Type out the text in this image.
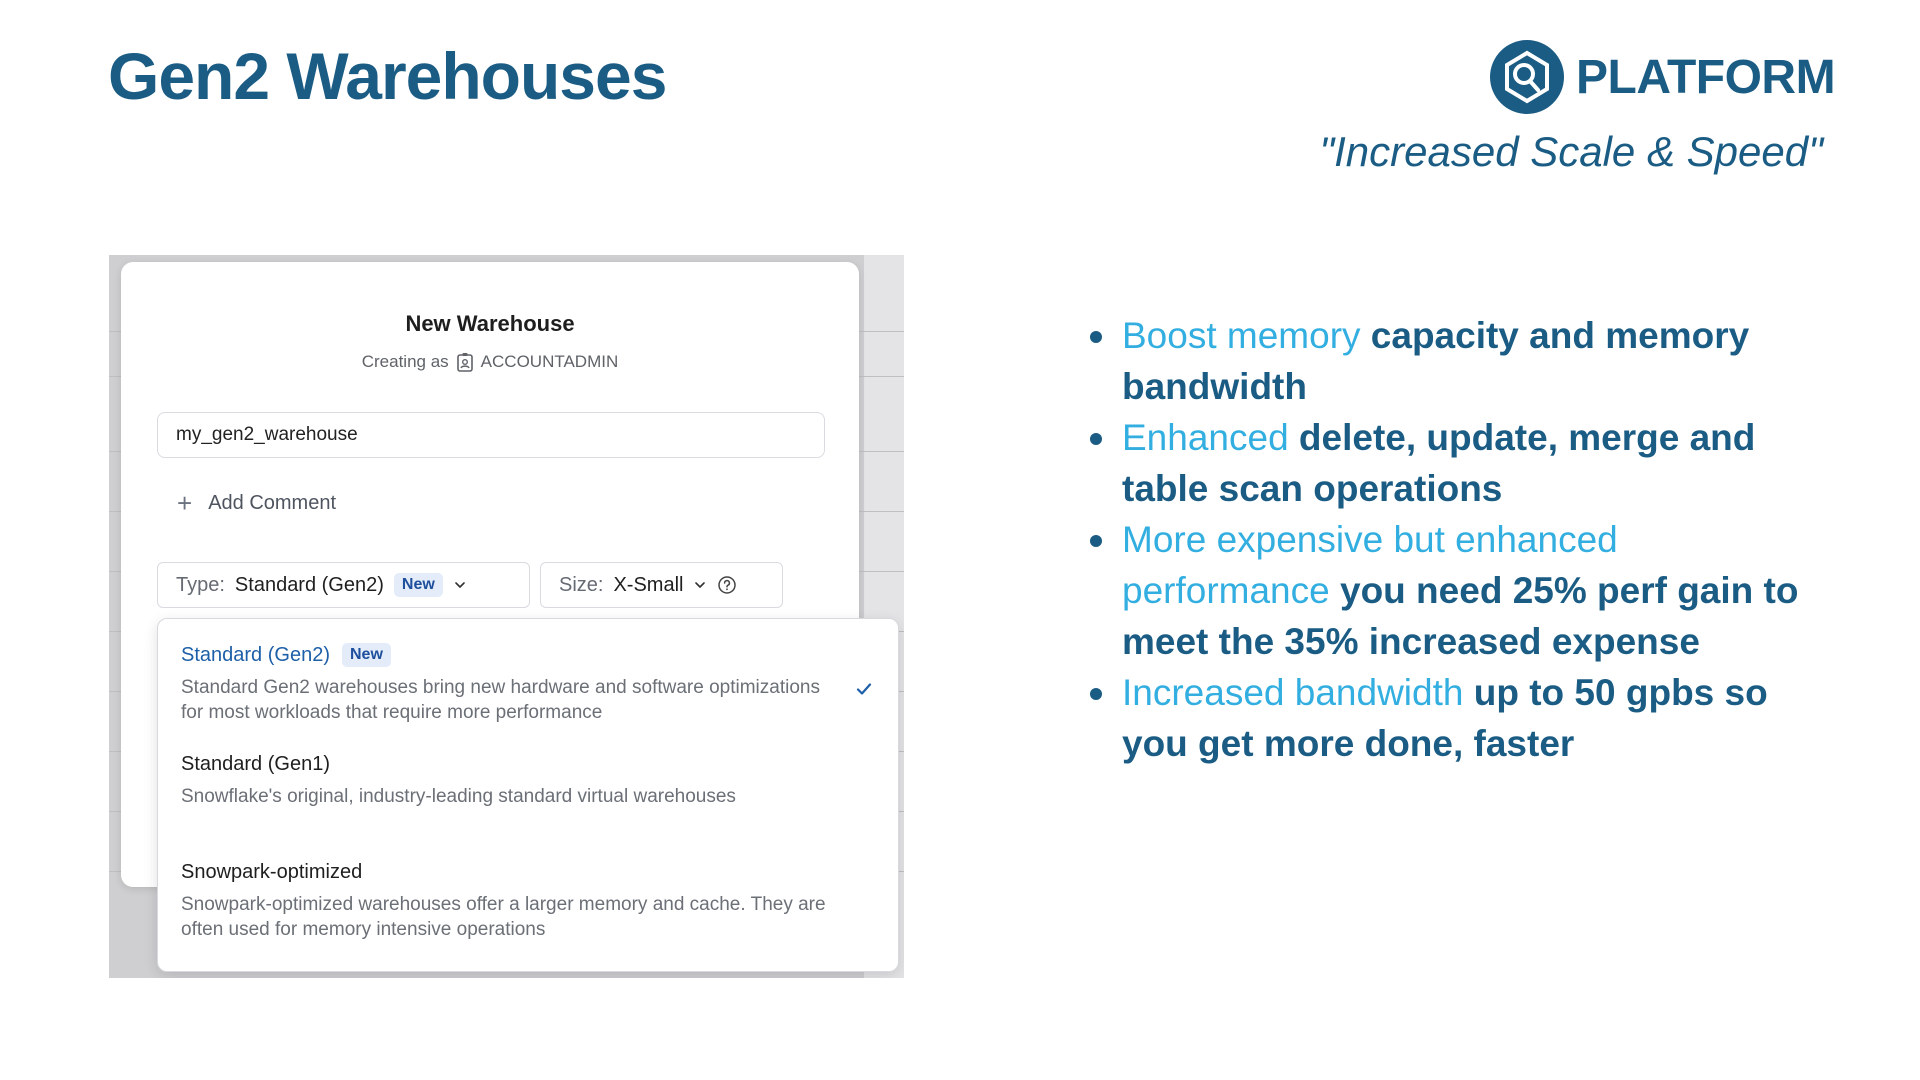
Gen2 Warehouses	PLATFORM
"Increased Scale & Speed"
New Warehouse
Creating as ACCOUNTADMIN
my_gen2_warehouse
+ Add Comment
Type: Standard (Gen2)	New	Size: X-Small
Standard (Gen2)	New
Standard Gen2 warehouses bring new hardware and software optimizations for most workloads that require more performance
Standard (Gen1)
Snowflake's original, industry-leading standard virtual warehouses
Snowpark-optimized
Snowpark-optimized warehouses offer a larger memory and cache. They are often used for memory intensive operations
Boost memory capacity and memory bandwidth
Enhanced delete, update, merge and table scan operations
More expensive but enhanced performance you need 25% perf gain to meet the 35% increased expense
Increased bandwidth up to 50 gpbs so you get more done, faster
